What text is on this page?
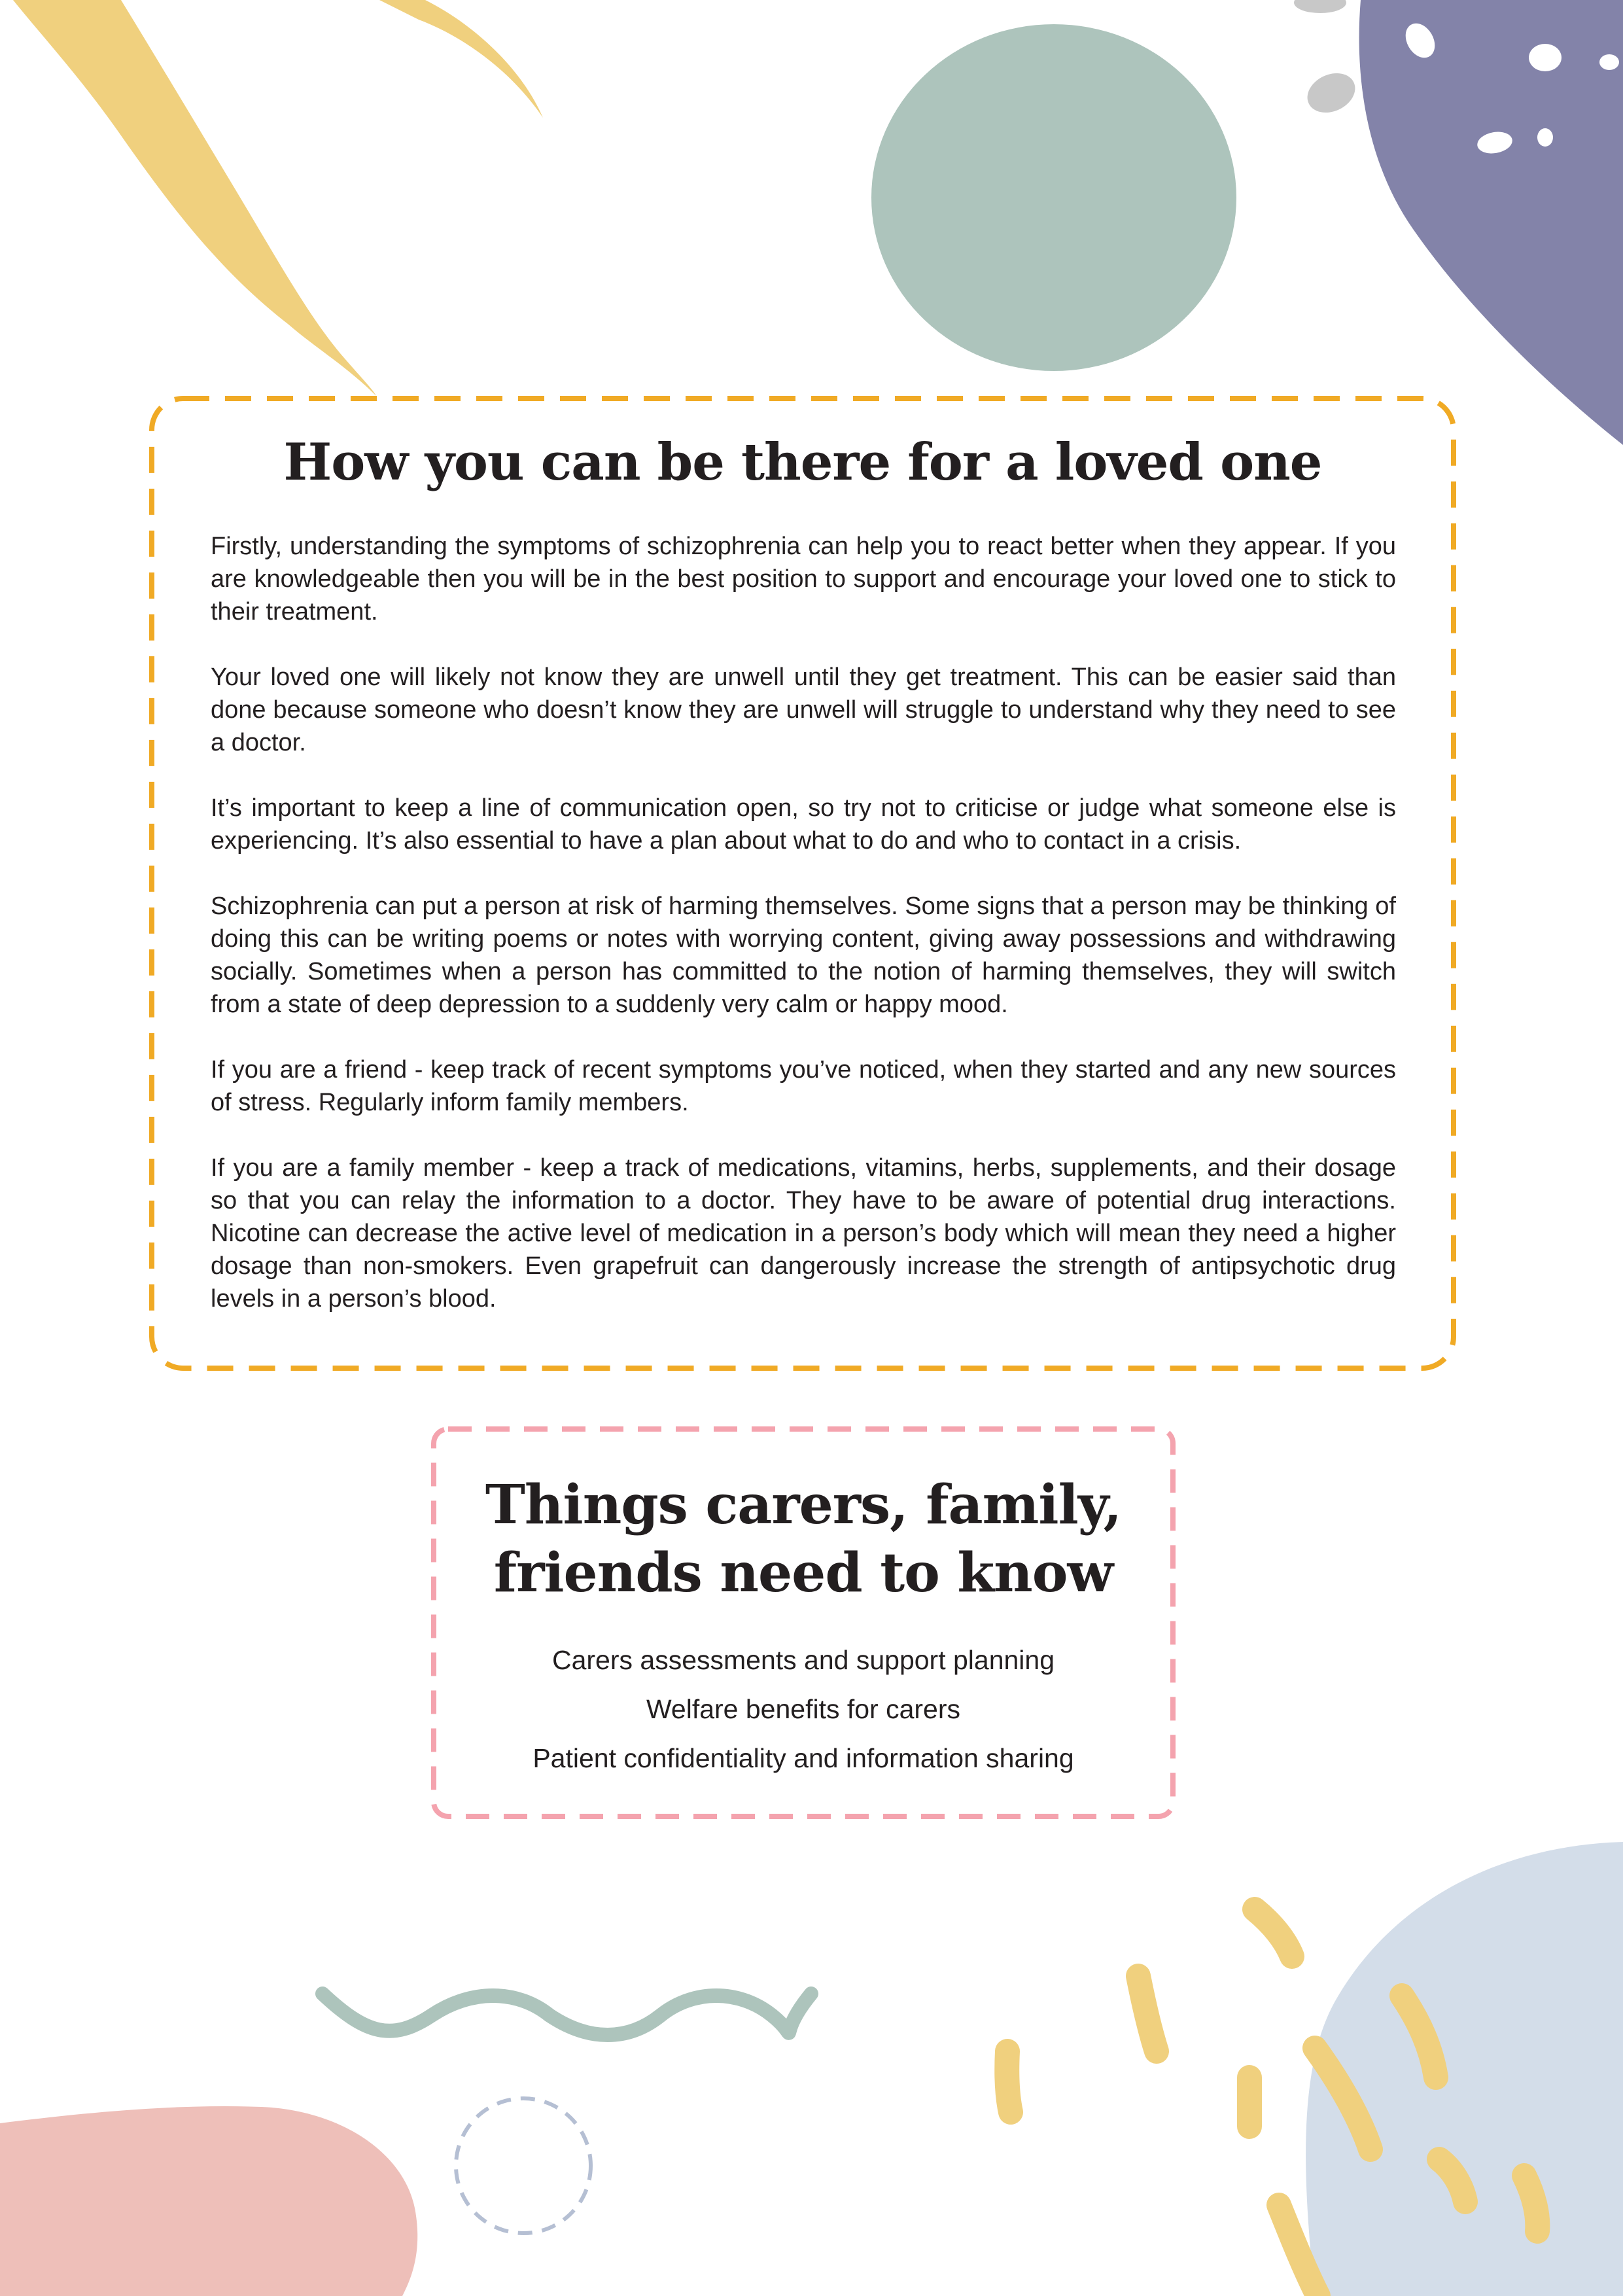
How you can be there for a loved one

Firstly, understanding the symptoms of schizophrenia can help you to react better when they appear. If you are knowledgeable then you will be in the best position to support and encourage your loved one to stick to their treatment.

Your loved one will likely not know they are unwell until they get treatment. This can be easier said than done because someone who doesn’t know they are unwell will struggle to understand why they need to see a doctor.

It’s important to keep a line of communication open, so try not to criticise or judge what someone else is experiencing. It’s also essential to have a plan about what to do and who to contact in a crisis.

Schizophrenia can put a person at risk of harming themselves. Some signs that a person may be thinking of doing this can be writing poems or notes with worrying content, giving away possessions and withdrawing socially. Sometimes when a person has committed to the notion of harming themselves, they will switch from a state of deep depression to a suddenly very calm or happy mood.

If you are a friend - keep track of recent symptoms you’ve noticed, when they started and any new sources of stress. Regularly inform family members.

If you are a family member - keep a track of medications, vitamins, herbs, supplements, and their dosage so that you can relay the information to a doctor. They have to be aware of potential drug interactions. Nicotine can decrease the active level of medication in a person’s body which will mean they need a higher dosage than non-smokers. Even grapefruit can dangerously increase the strength of antipsychotic drug levels in a person’s blood.

Things carers, family,
friends need to know
Carers assessments and support planning
Welfare benefits for carers
Patient confidentiality and information sharing
